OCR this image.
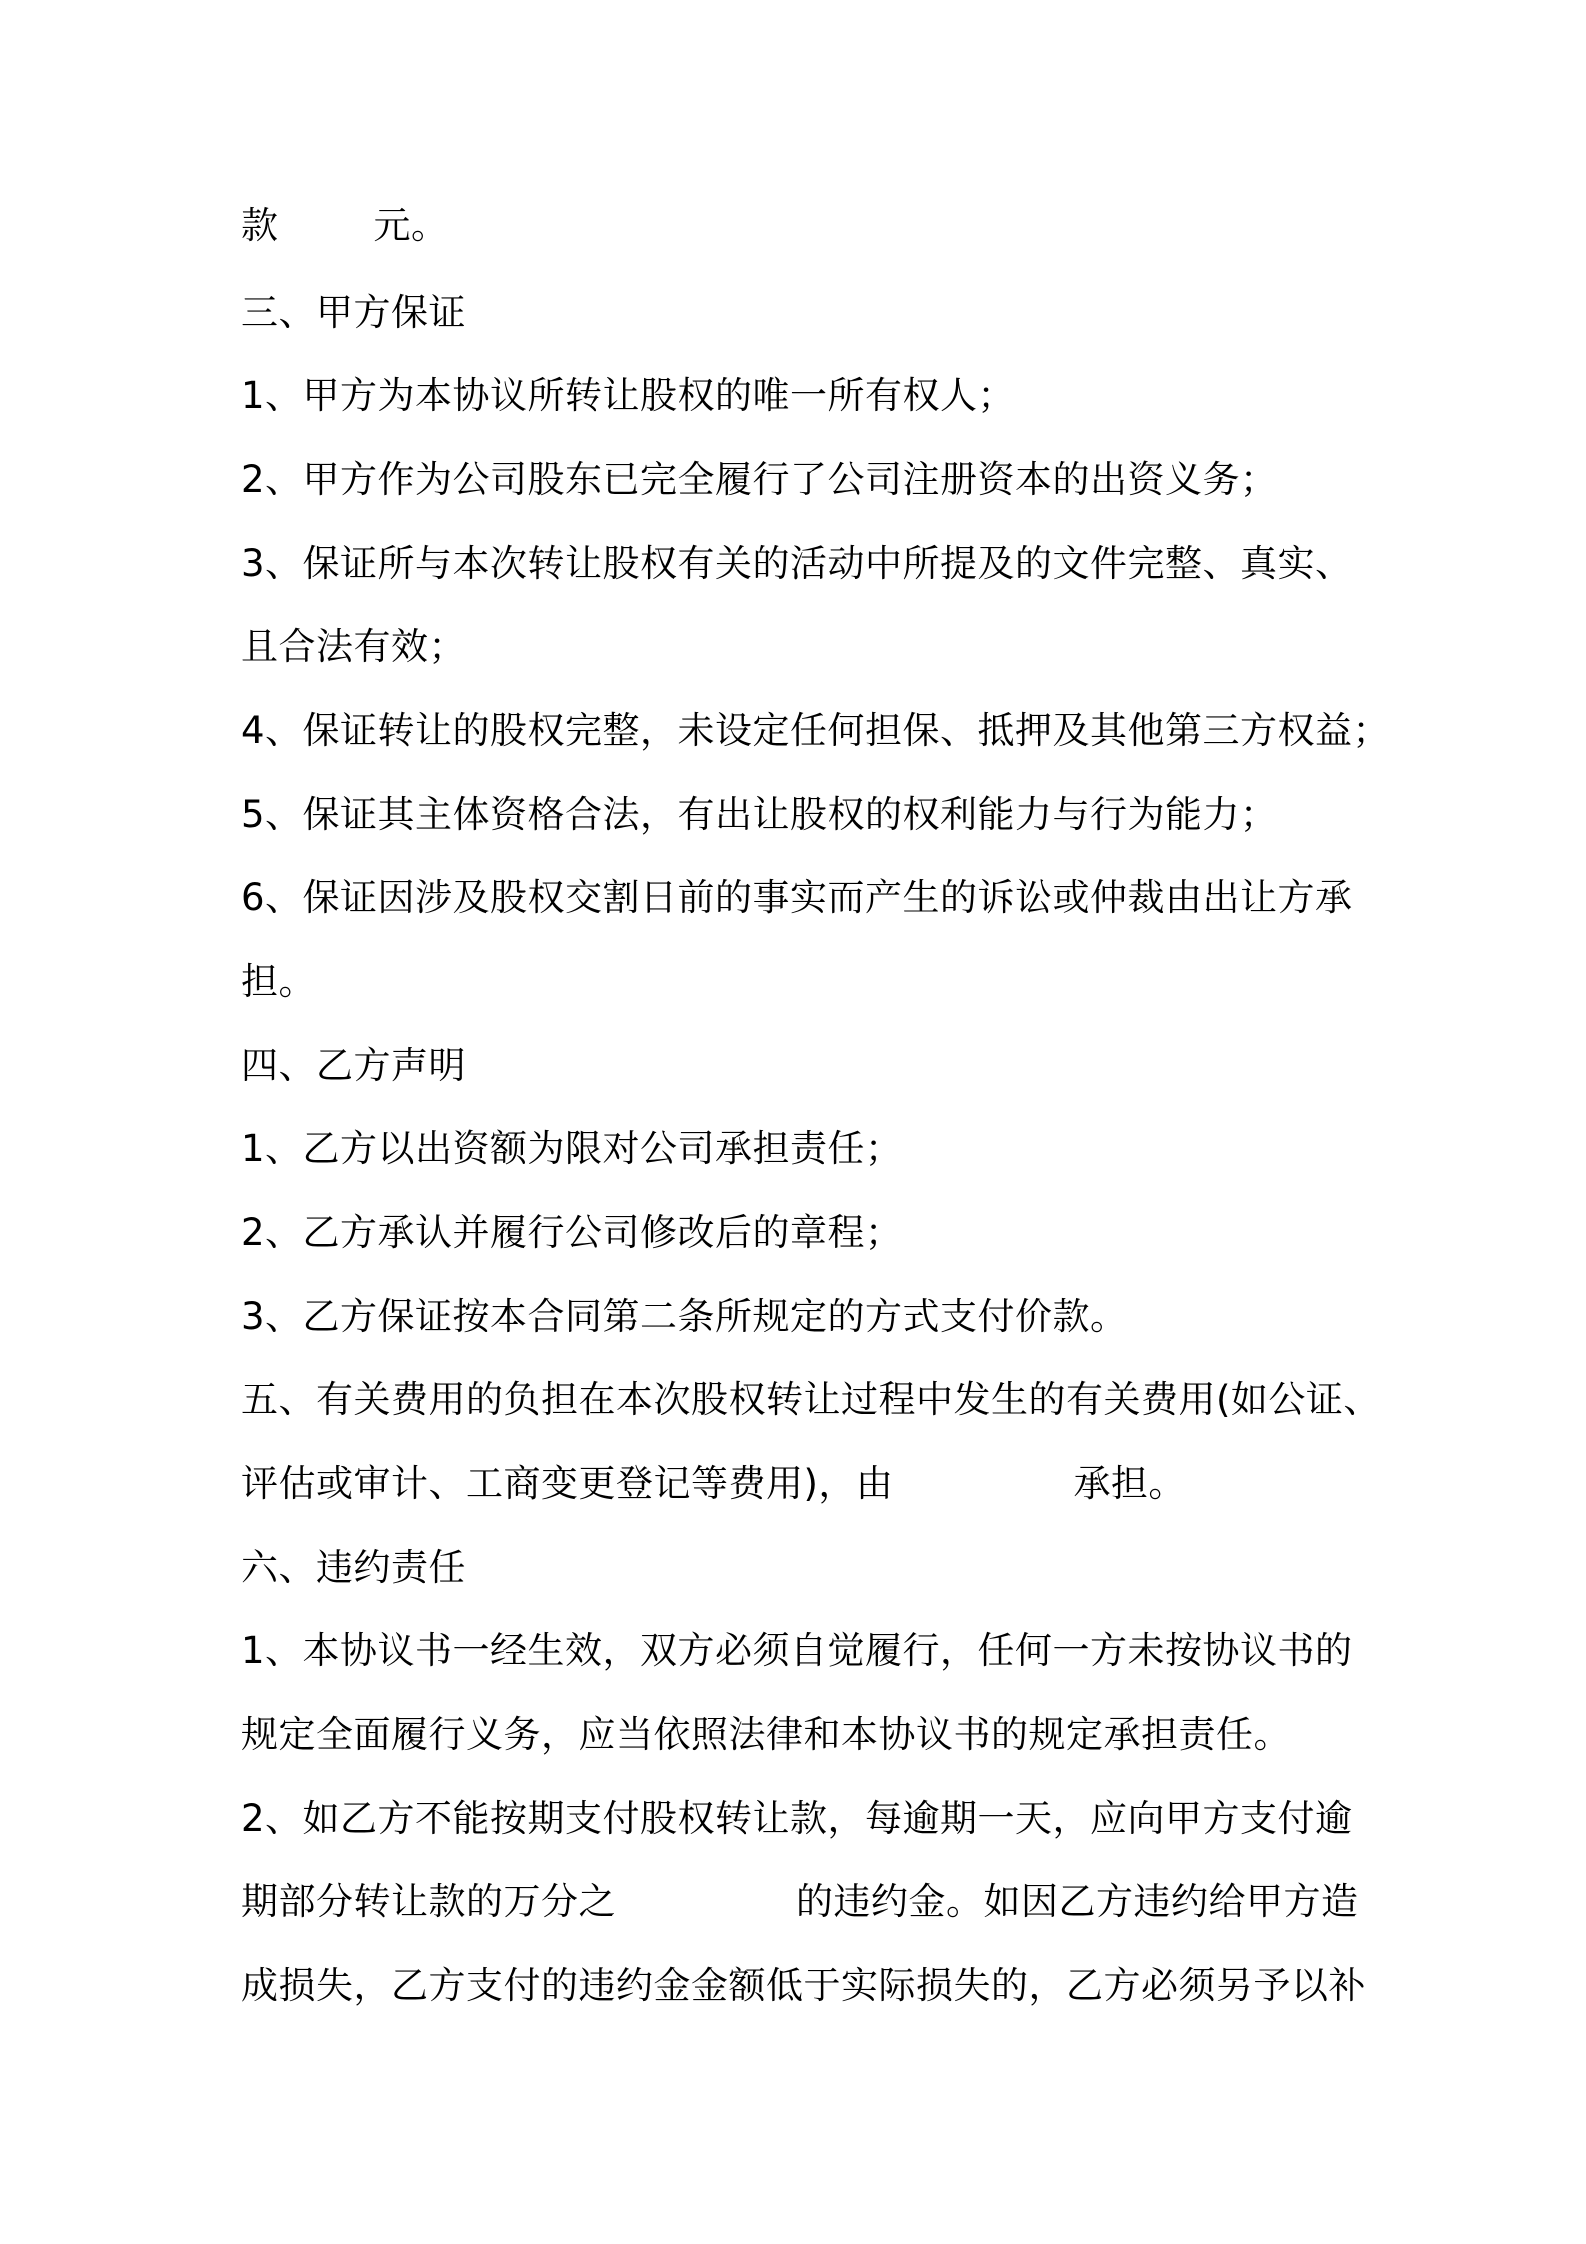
款	元。
三、甲方保证
1、甲方为本协议所转让股权的唯一所有权人；
2、甲方作为公司股东已完全履行了公司注册资本的出资义务；
3、保证所与本次转让股权有关的活动中所提及的文件完整、真实、
且合法有效；
4、保证转让的股权完整，未设定任何担保、抵押及其他第三方权益；
5、保证其主体资格合法，有出让股权的权利能力与行为能力；
6、保证因涉及股权交割日前的事实而产生的诉讼或仲裁由出让方承
担。
四、乙方声明
1、乙方以出资额为限对公司承担责任；
2、乙方承认并履行公司修改后的章程；
3、乙方保证按本合同第二条所规定的方式支付价款。
五、有关费用的负担在本次股权转让过程中发生的有关费用(如公证、
评估或审计、工商变更登记等费用)，由	承担。
六、违约责任
1、本协议书一经生效，双方必须自觉履行，任何一方未按协议书的
规定全面履行义务，应当依照法律和本协议书的规定承担责任。
2、如乙方不能按期支付股权转让款，每逾期一天，应向甲方支付逾
期部分转让款的万分之	的违约金。如因乙方违约给甲方造
成损失，乙方支付的违约金金额低于实际损失的，乙方必须另予以补
